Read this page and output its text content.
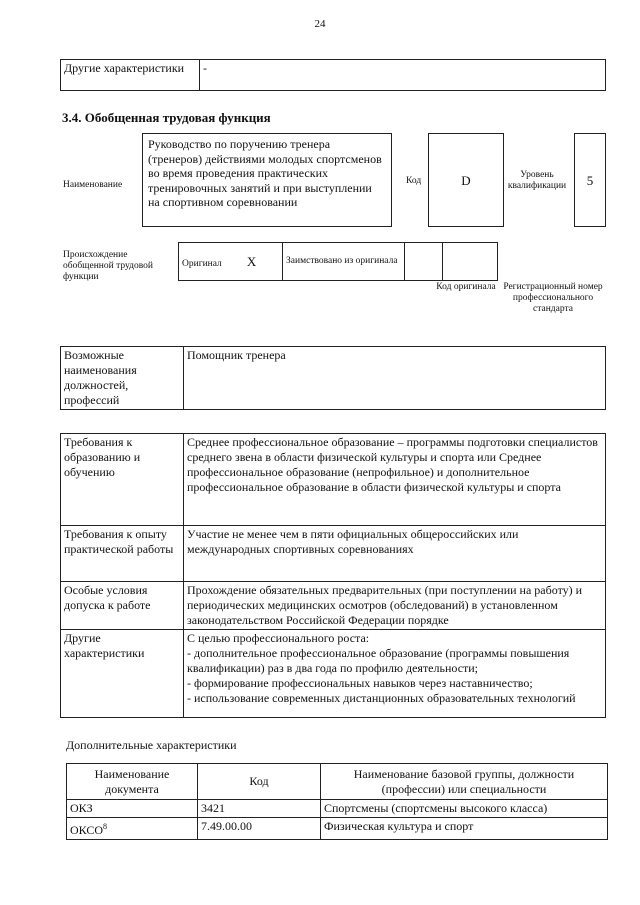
24
Другие характеристики	-
3.4. Обобщенная трудовая функция
Наименование
Руководство по поручению тренера (тренеров) действиями молодых спортсменов во время проведения практических тренировочных занятий и при выступлении на спортивном соревновании
Код	D	Уровень квалификации	5
Происхождение обобщенной трудовой функции
Оригинал X	Заимствовано из оригинала		
Код оригинала Регистрационный номер профессионального стандарта
Возможные наименования должностей, профессий	Помощник тренера
Требования к образованию и обучению	Среднее профессиональное образование – программы подготовки специалистов среднего звена в области физической культуры и спорта или Среднее профессиональное образование (непрофильное) и дополнительное профессиональное образование в области физической культуры и спорта
Требования к опыту практической работы	Участие не менее чем в пяти официальных общероссийских или международных спортивных соревнованиях
Особые условия допуска к работе	Прохождение обязательных предварительных (при поступлении на работу) и периодических медицинских осмотров (обследований) в установленном законодательством Российской Федерации порядке
Другие характеристики	С целью профессионального роста:
- дополнительное профессиональное образование (программы повышения квалификации) раз в два года по профилю деятельности;
- формирование профессиональных навыков через наставничество;
- использование современных дистанционных образовательных технологий
Дополнительные характеристики
Наименование документа	Код	Наименование базовой группы, должности (профессии) или специальности
ОКЗ	3421	Спортсмены (спортсмены высокого класса)
ОКСО$^8$	7.49.00.00	Физическая культура и спорт
